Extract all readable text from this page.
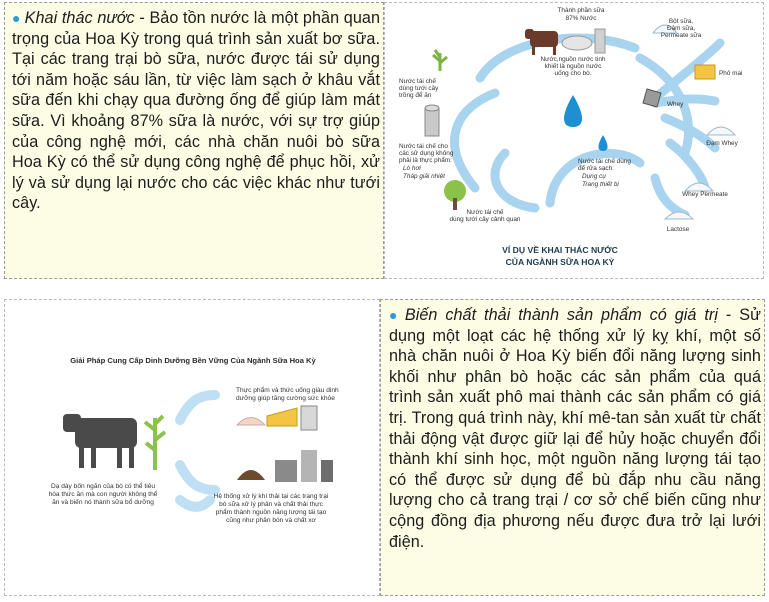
● Khai thác nước - Bảo tồn nước là một phần quan trọng của Hoa Kỳ trong quá trình sản xuất bơ sữa. Tại các trang trại bò sữa, nước được tái sử dụng tới năm hoặc sáu lần, từ việc làm sạch ở khâu vắt sữa đến khi chạy qua đường ống để giúp làm mát sữa. Vì khoảng 87% sữa là nước, với sự trợ giúp của công nghệ mới, các nhà chăn nuôi bò sữa Hoa Kỳ có thể sử dụng công nghệ để phục hồi, xử lý và sử dụng lại nước cho các việc khác như tưới cây.

Thành phần sữa
87% Nước
Nước,nguồn nước tinh
khiết là nguồn nước
uống cho bò.
Nước tái chế
dùng tưới cây
trồng để ăn
Nước tái chế cho
các sử dụng không
phải là thực phẩm:
Lò hơi
Tháp giải nhiệt
Nước tái chế
dùng tưới cây cảnh quan
Nước tái chế dùng
để rửa sạch:
Dụng cụ
Trang thiết bị
Bột sữa,
Đậm sữa,
Permeate sữa
Phô mai
Whey
Đạm Whey
Whey Permeate
Lactose
VÍ DỤ VỀ KHAI THÁC NƯỚC
CỦA NGÀNH SỮA HOA KỲ
Giải Pháp Cung Cấp Dinh Dưỡng Bền Vững Của Ngành Sữa Hoa Kỳ
Thực phẩm và thức uống giàu dinh
dưỡng giúp tăng cường sức khỏe
Dạ dày bốn ngăn của bò có thể tiêu
hóa thức ăn mà con người không thể
ăn và biến nó thành sữa bổ dưỡng
Hệ thống xử lý khí thải tại các trang trại
bò sữa xử lý phân và chất thải thực
phẩm thành nguồn năng lượng tái tạo
cũng như phân bón và chất xơ

● Biến chất thải thành sản phẩm có giá trị - Sử dụng một loạt các hệ thống xử lý kỵ khí, một số nhà chăn nuôi ở Hoa Kỳ biến đổi năng lượng sinh khối như phân bò hoặc các sản phẩm của quá trình sản xuất phô mai thành các sản phẩm có giá trị. Trong quá trình này, khí mê-tan sản xuất từ chất thải động vật được giữ lại để hủy hoặc chuyển đổi thành khí sinh học, một nguồn năng lượng tái tạo có thể được sử dụng để bù đắp nhu cầu năng lượng cho cả trang trại / cơ sở chế biến cũng như cộng đồng địa phương nếu được đưa trở lại lưới điện.
